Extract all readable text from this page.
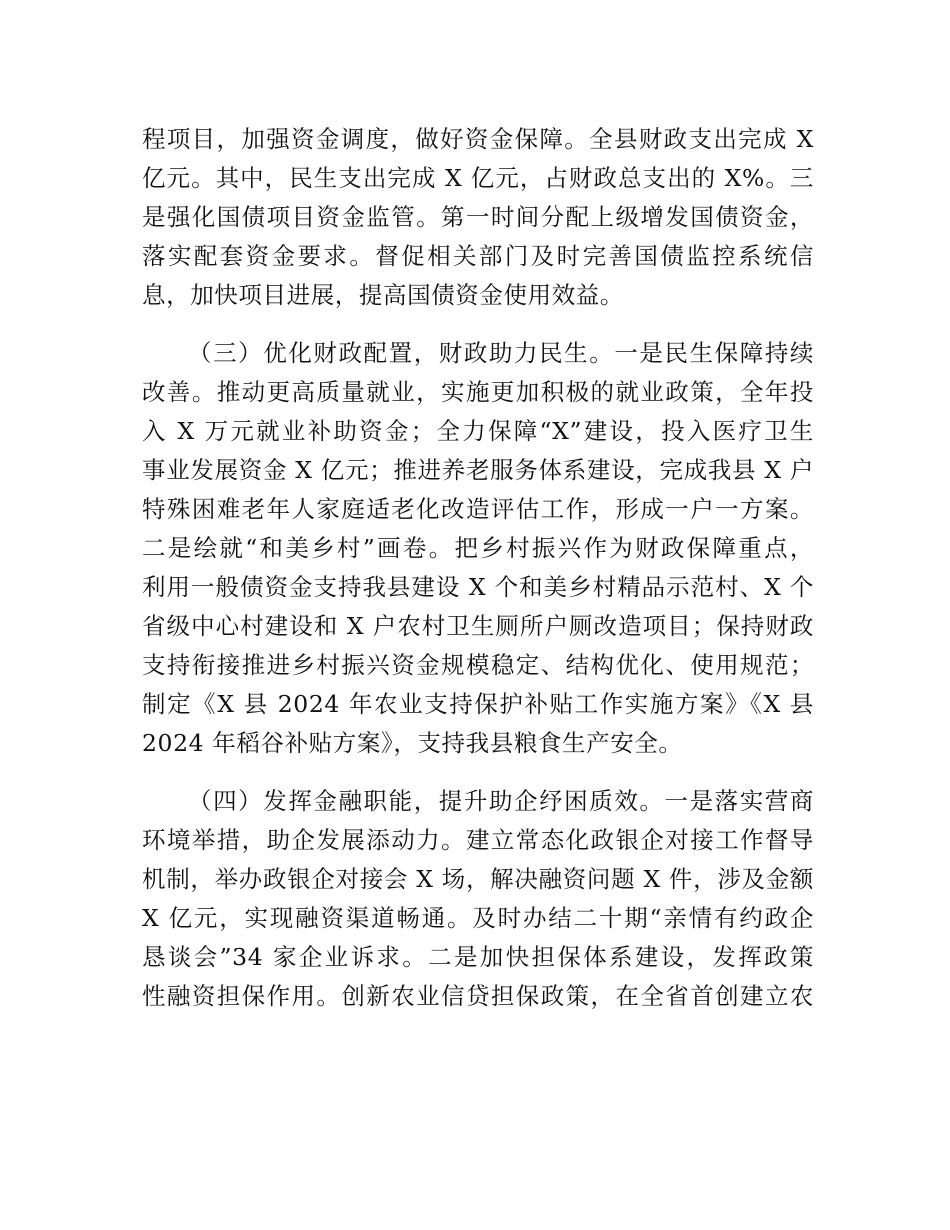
程项目，加强资金调度，做好资金保障。全县财政支出完成 X
亿元。其中，民生支出完成 X 亿元，占财政总支出的 X%。三
是强化国债项目资金监管。第一时间分配上级增发国债资金，
落实配套资金要求。督促相关部门及时完善国债监控系统信
息，加快项目进展，提高国债资金使用效益。
（三）优化财政配置，财政助力民生。一是民生保障持续
改善。推动更高质量就业，实施更加积极的就业政策，全年投
入 X 万元就业补助资金；全力保障“X”建设，投入医疗卫生
事业发展资金 X 亿元；推进养老服务体系建设，完成我县 X 户
特殊困难老年人家庭适老化改造评估工作，形成一户一方案。
二是绘就“和美乡村”画卷。把乡村振兴作为财政保障重点，
利用一般债资金支持我县建设 X 个和美乡村精品示范村、X 个
省级中心村建设和 X 户农村卫生厕所户厕改造项目；保持财政
支持衔接推进乡村振兴资金规模稳定、结构优化、使用规范；
制定《X 县 2024 年农业支持保护补贴工作实施方案》《X 县
2024 年稻谷补贴方案》，支持我县粮食生产安全。
（四）发挥金融职能，提升助企纾困质效。一是落实营商
环境举措，助企发展添动力。建立常态化政银企对接工作督导
机制，举办政银企对接会 X 场，解决融资问题 X 件，涉及金额
X 亿元，实现融资渠道畅通。及时办结二十期“亲情有约政企
恳谈会”34 家企业诉求。二是加快担保体系建设，发挥政策
性融资担保作用。创新农业信贷担保政策，在全省首创建立农
